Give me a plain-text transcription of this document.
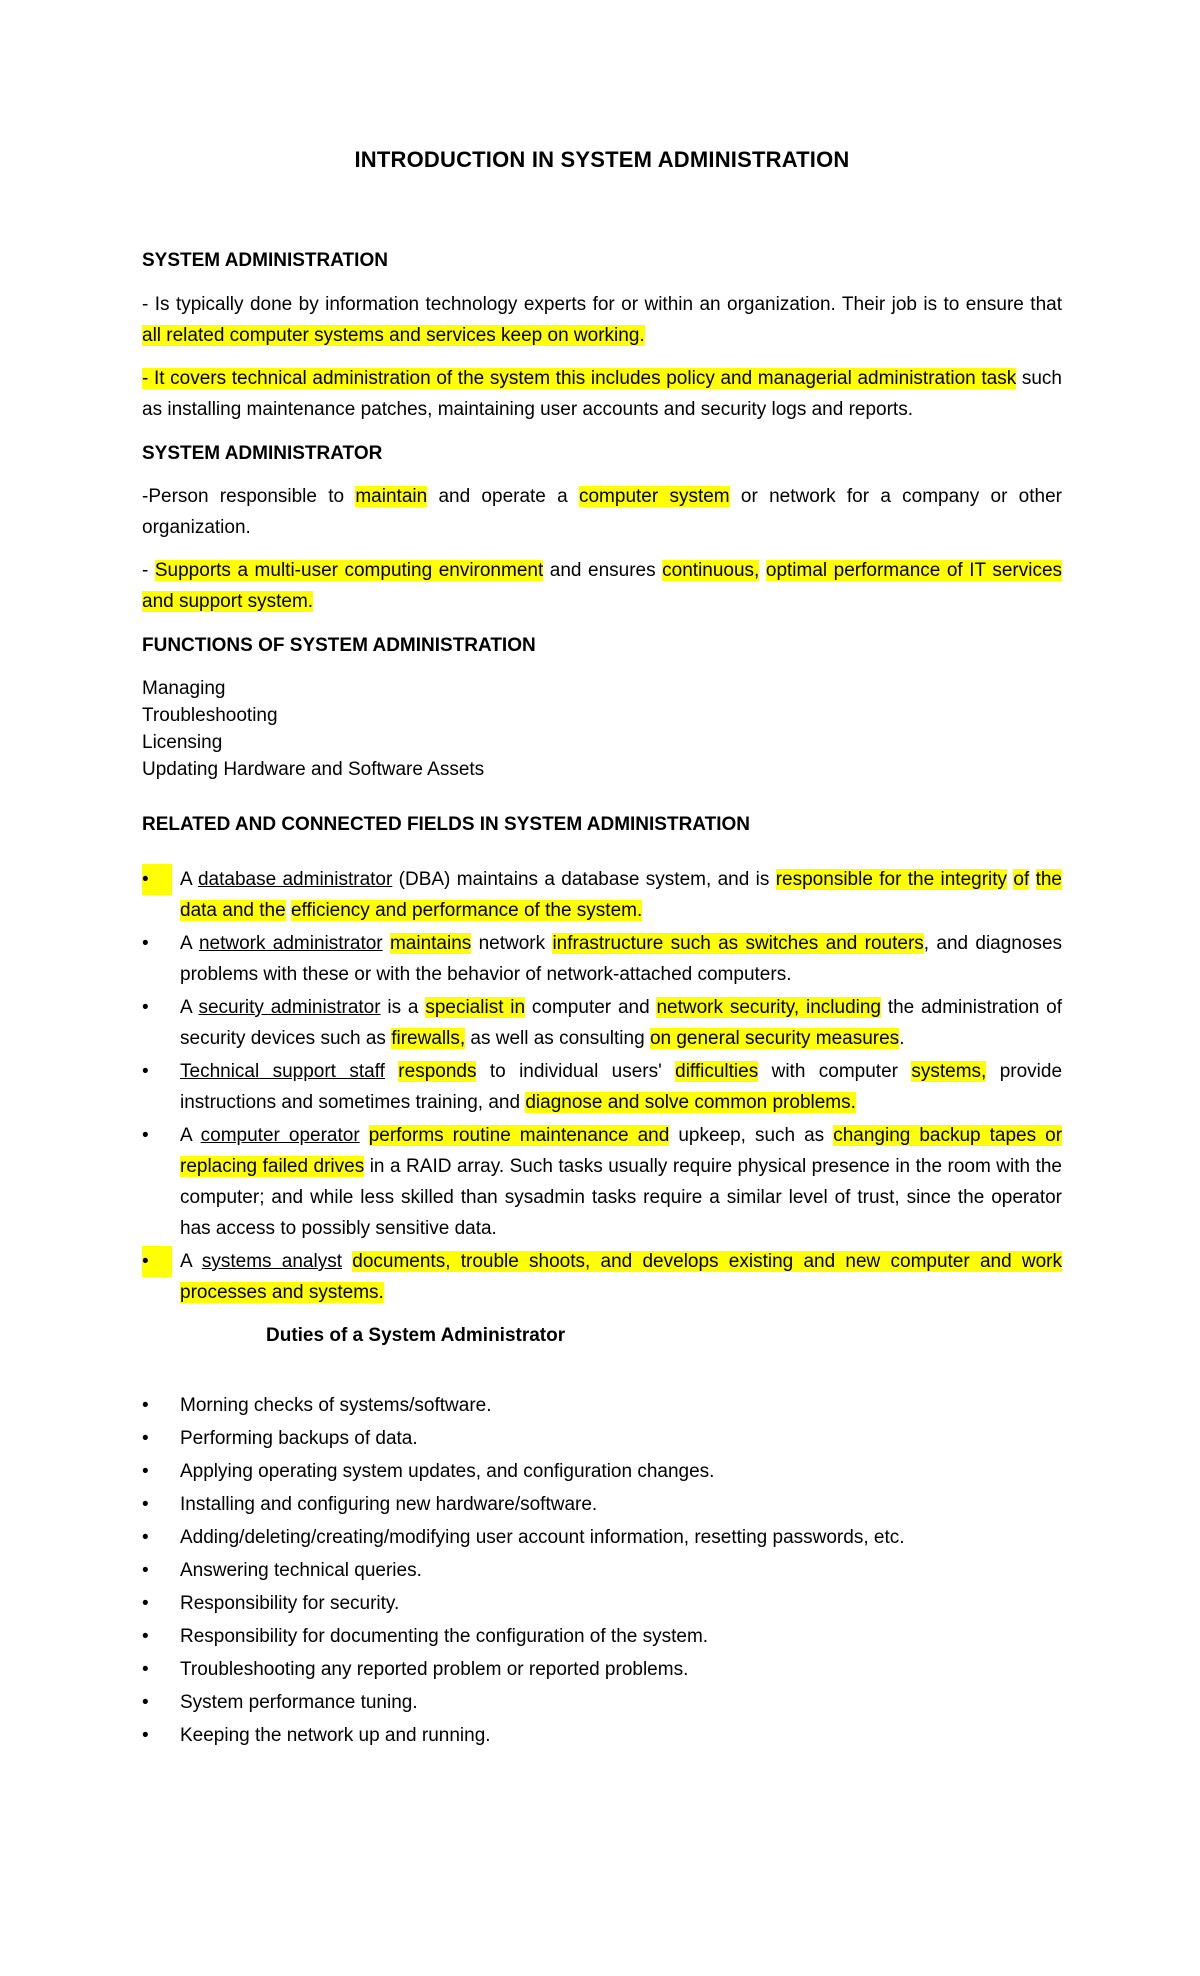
INTRODUCTION IN SYSTEM ADMINISTRATION
SYSTEM ADMINISTRATION
- Is typically done by information technology experts for or within an organization. Their job is to ensure that all related computer systems and services keep on working.
- It covers technical administration of the system this includes policy and managerial administration task such as installing maintenance patches, maintaining user accounts and security logs and reports.
SYSTEM ADMINISTRATOR
-Person responsible to maintain and operate a computer system or network for a company or other organization.
- Supports a multi-user computing environment and ensures continuous, optimal performance of IT services and support system.
FUNCTIONS OF SYSTEM ADMINISTRATION
Managing
Troubleshooting
Licensing
Updating Hardware and Software Assets
RELATED AND CONNECTED FIELDS IN SYSTEM ADMINISTRATION
•	A database administrator (DBA) maintains a database system, and is responsible for the integrity of the data and the efficiency and performance of the system.
•	A network administrator maintains network infrastructure such as switches and routers, and diagnoses problems with these or with the behavior of network-attached computers.
•	A security administrator is a specialist in computer and network security, including the administration of security devices such as firewalls, as well as consulting on general security measures.
•	Technical support staff responds to individual users' difficulties with computer systems, provide instructions and sometimes training, and diagnose and solve common problems.
•	A computer operator performs routine maintenance and upkeep, such as changing backup tapes or replacing failed drives in a RAID array. Such tasks usually require physical presence in the room with the computer; and while less skilled than sysadmin tasks require a similar level of trust, since the operator has access to possibly sensitive data.
•	A systems analyst documents, trouble shoots, and develops existing and new computer and work processes and systems.
Duties of a System Administrator
•	Morning checks of systems/software.
•	Performing backups of data.
•	Applying operating system updates, and configuration changes.
•	Installing and configuring new hardware/software.
•	Adding/deleting/creating/modifying user account information, resetting passwords, etc.
•	Answering technical queries.
•	Responsibility for security.
•	Responsibility for documenting the configuration of the system.
•	Troubleshooting any reported problem or reported problems.
•	System performance tuning.
•	Keeping the network up and running.
